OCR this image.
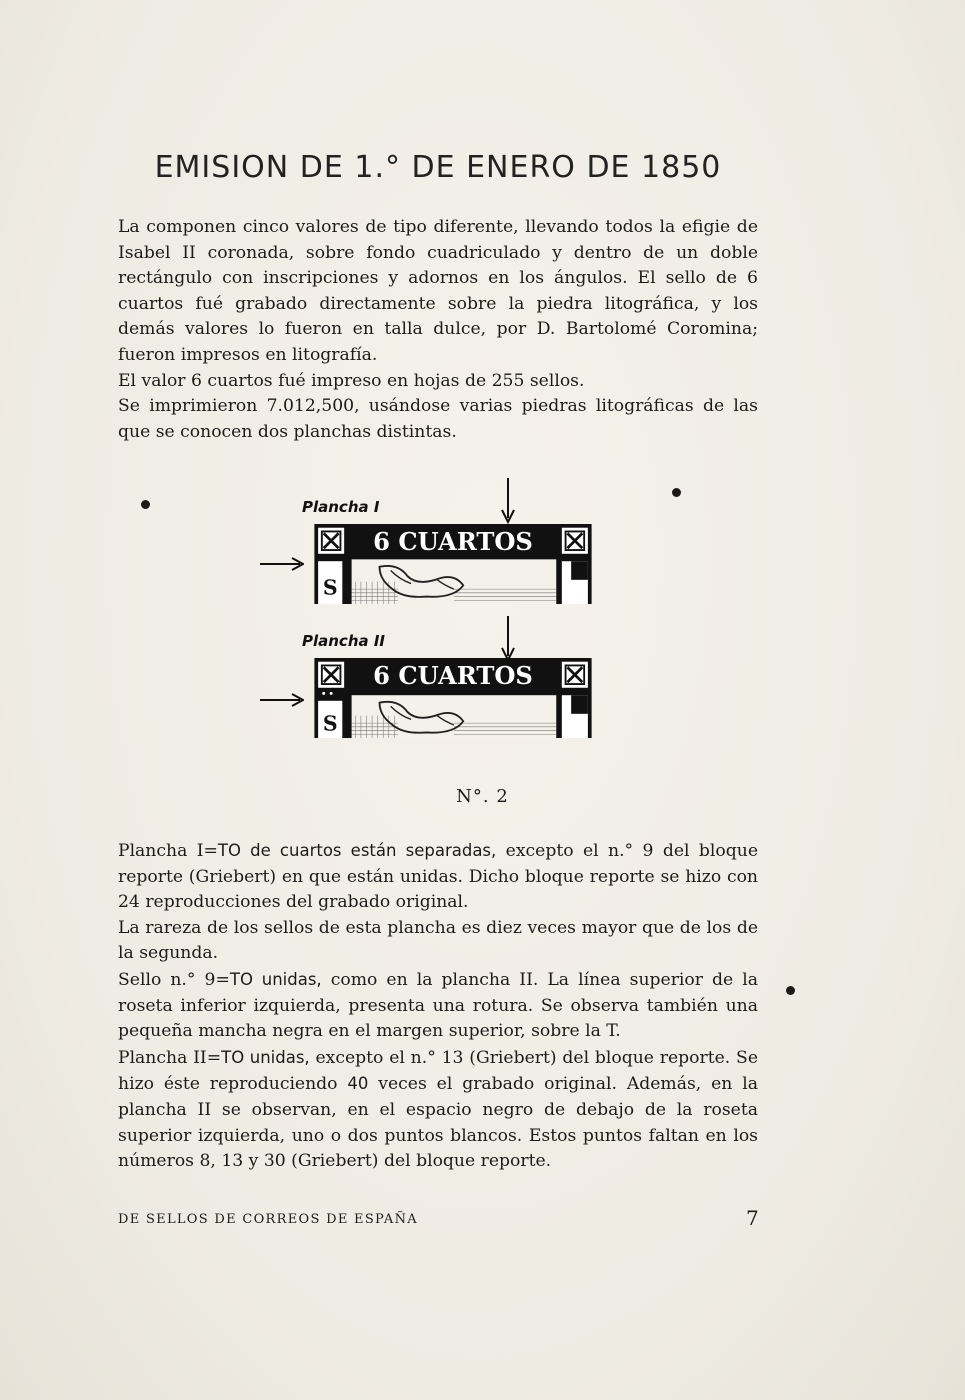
EMISION DE 1.° DE ENERO DE 1850

La componen cinco valores de tipo diferente, llevando todos la efigie de Isabel II coronada, sobre fondo cuadriculado y dentro de un doble rectángulo con inscripciones y adornos en los ángulos. El sello de 6 cuartos fué grabado directamente sobre la piedra litográfica, y los demás valores lo fueron en talla dulce, por D. Bartolomé Coromina; fueron impresos en litografía.

El valor 6 cuartos fué impreso en hojas de 255 sellos.

Se imprimieron 7.012,500, usándose varias piedras litográficas de las que se conocen dos planchas distintas.

Plancha I
6 CUARTOS
S
Plancha II
6 CUARTOS
S
N°. 2

Plancha I=TO de cuartos están separadas, excepto el n.° 9 del bloque reporte (Griebert) en que están unidas. Dicho bloque reporte se hizo con 24 reproducciones del grabado original.

La rareza de los sellos de esta plancha es diez veces mayor que de los de la segunda.

Sello n.° 9=TO unidas, como en la plancha II. La línea superior de la roseta inferior izquierda, presenta una rotura. Se observa también una pequeña mancha negra en el margen superior, sobre la T.

Plancha II=TO unidas, excepto el n.° 13 (Griebert) del bloque reporte. Se hizo éste reproduciendo 40 veces el grabado original. Además, en la plancha II se observan, en el espacio negro de debajo de la roseta superior izquierda, uno o dos puntos blancos. Estos puntos faltan en los números 8, 13 y 30 (Griebert) del bloque reporte.

DE SELLOS DE CORREOS DE ESPAÑA	7
